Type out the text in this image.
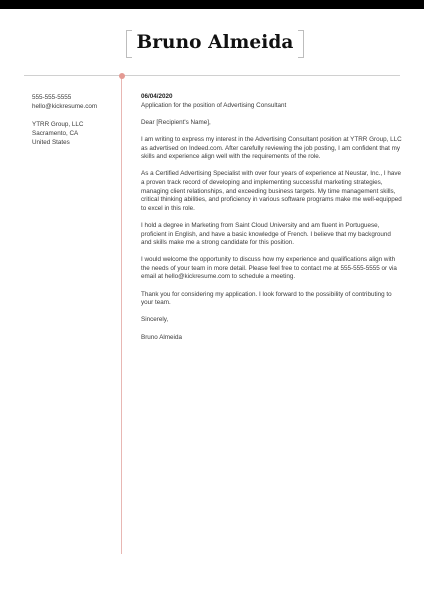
Bruno Almeida
555-555-5555
hello@kickresume.com
YTRR Group, LLC
Sacramento, CA
United States
06/04/2020

Application for the position of Advertising Consultant

Dear [Recipient's Name],

I am writing to express my interest in the Advertising Consultant position at YTRR Group, LLC as advertised on Indeed.com. After carefully reviewing the job posting, I am confident that my skills and experience align well with the requirements of the role.

As a Certified Advertising Specialist with over four years of experience at Neustar, Inc., I have a proven track record of developing and implementing successful marketing strategies, managing client relationships, and exceeding business targets. My time management skills, critical thinking abilities, and proficiency in various software programs make me well-equipped to excel in this role.

I hold a degree in Marketing from Saint Cloud University and am fluent in Portuguese, proficient in English, and have a basic knowledge of French. I believe that my background and skills make me a strong candidate for this position.

I would welcome the opportunity to discuss how my experience and qualifications align with the needs of your team in more detail. Please feel free to contact me at 555-555-5555 or via email at hello@kickresume.com to schedule a meeting.

Thank you for considering my application. I look forward to the possibility of contributing to your team.

Sincerely,

Bruno Almeida
